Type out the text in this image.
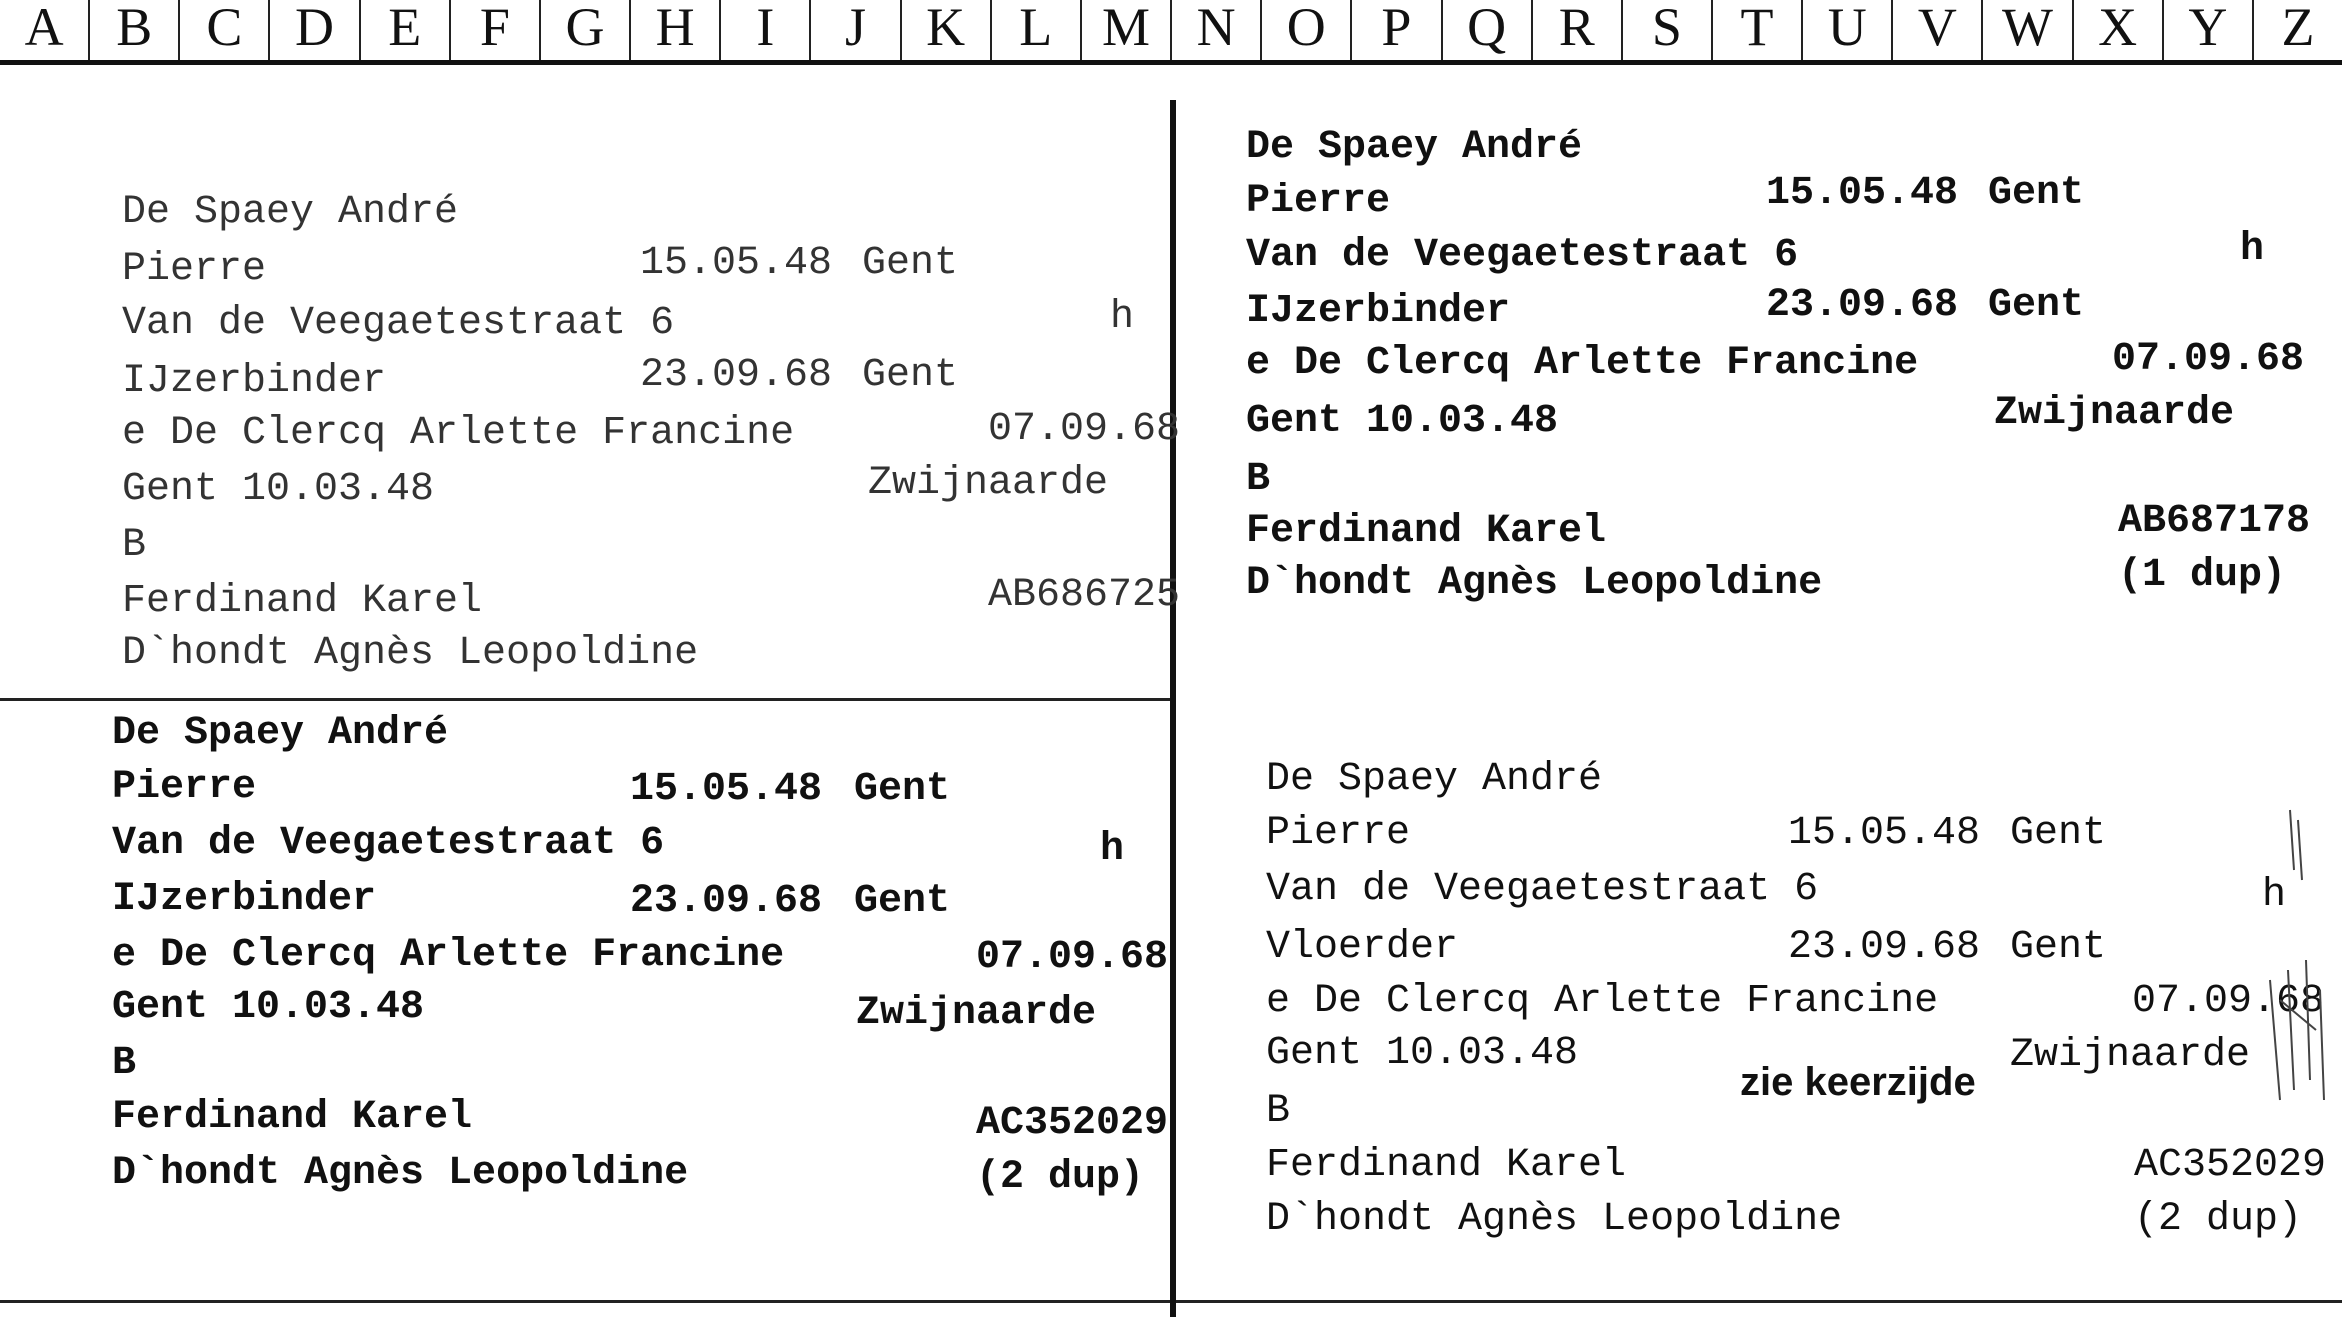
A B	C D	E	F	G H	I	J	K	L M N O	P	Q R	S	T	U V W X Y	Z
De Spaey André
Pierre	15.05.48 Gent
Van de Veegaetestraat 6	h
IJzerbinder	23.09.68 Gent
e De Clercq Arlette Francine	07.09.68
Gent 10.03.48	Zwijnaarde
B
Ferdinand Karel	AB686725
D`hondt Agnès Leopoldine
De Spaey André
Pierre	15.05.48 Gent
Van de Veegaetestraat 6	h
IJzerbinder	23.09.68 Gent
e De Clercq Arlette Francine	07.09.68
Gent 10.03.48	Zwijnaarde
B
Ferdinand Karel	AB687178
D`hondt Agnès Leopoldine	(1 dup)
De Spaey André
Pierre	15.05.48 Gent
Van de Veegaetestraat 6	h
IJzerbinder	23.09.68 Gent
e De Clercq Arlette Francine	07.09.68
Gent 10.03.48	Zwijnaarde
B
Ferdinand Karel	AC352029
D`hondt Agnès Leopoldine	(2 dup)
De Spaey André
Pierre	15.05.48 Gent
Van de Veegaetestraat 6	h
Vloerder	23.09.68 Gent
e De Clercq Arlette Francine	07.09.68
Gent 10.03.48	Zwijnaarde
B
Ferdinand Karel	AC352029
D`hondt Agnès Leopoldine	(2 dup)
zie keerzijde
